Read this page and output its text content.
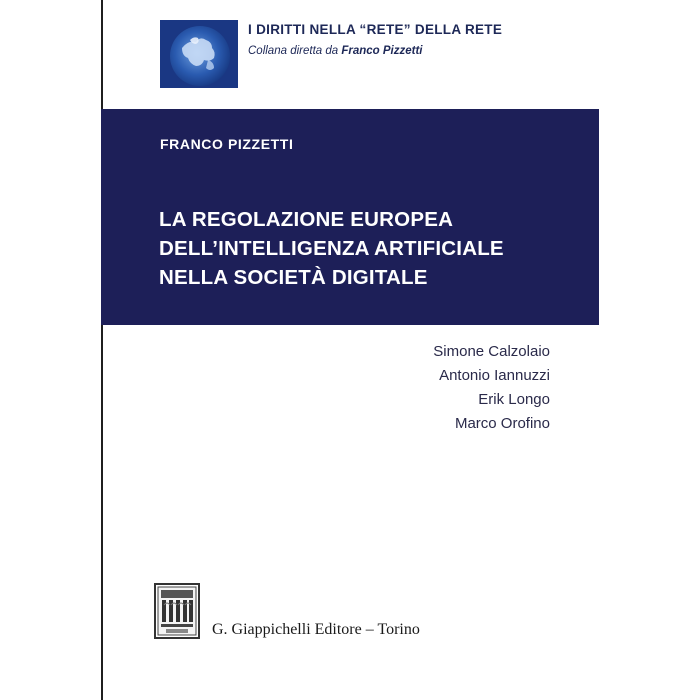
I DIRITTI NELLA “RETE” DELLA RETE
Collana diretta da Franco Pizzetti
FRANCO PIZZETTI
LA REGOLAZIONE EUROPEA
DELL’INTELLIGENZA ARTIFICIALE
NELLA SOCIETÀ DIGITALE
Simone Calzolaio
Antonio Iannuzzi
Erik Longo
Marco Orofino
G. Giappichelli Editore – Torino
